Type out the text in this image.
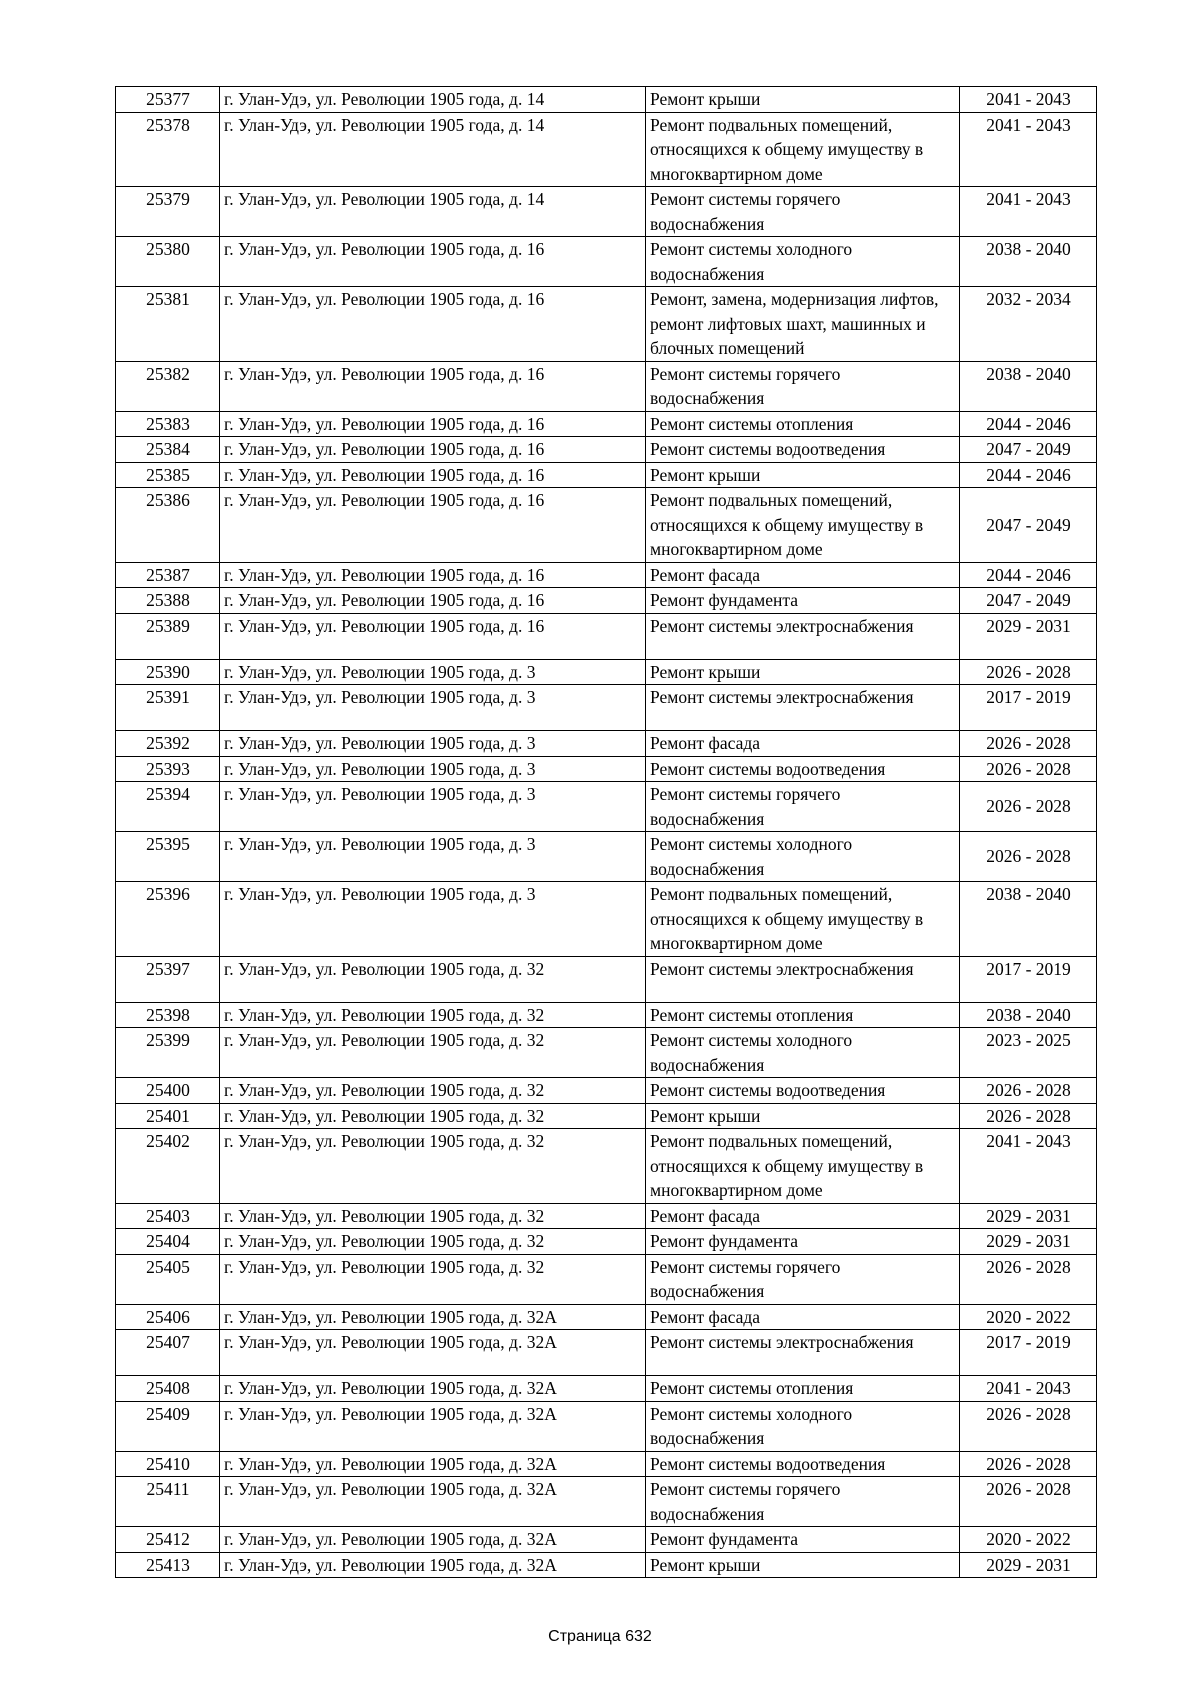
25377	г. Улан-Удэ, ул. Революции 1905 года, д. 14	Ремонт крыши	2041 - 2043
25378	г. Улан-Удэ, ул. Революции 1905 года, д. 14	Ремонт подвальных помещений, относящихся к общему имуществу в многоквартирном доме	2041 - 2043
25379	г. Улан-Удэ, ул. Революции 1905 года, д. 14	Ремонт системы горячего водоснабжения	2041 - 2043
25380	г. Улан-Удэ, ул. Революции 1905 года, д. 16	Ремонт системы холодного водоснабжения	2038 - 2040
25381	г. Улан-Удэ, ул. Революции 1905 года, д. 16	Ремонт, замена, модернизация лифтов, ремонт лифтовых шахт, машинных и блочных помещений	2032 - 2034
25382	г. Улан-Удэ, ул. Революции 1905 года, д. 16	Ремонт системы горячего водоснабжения	2038 - 2040
25383	г. Улан-Удэ, ул. Революции 1905 года, д. 16	Ремонт системы отопления	2044 - 2046
25384	г. Улан-Удэ, ул. Революции 1905 года, д. 16	Ремонт системы водоотведения	2047 - 2049
25385	г. Улан-Удэ, ул. Революции 1905 года, д. 16	Ремонт крыши	2044 - 2046
25386	г. Улан-Удэ, ул. Революции 1905 года, д. 16	Ремонт подвальных помещений, относящихся к общему имуществу в многоквартирном доме	2047 - 2049
25387	г. Улан-Удэ, ул. Революции 1905 года, д. 16	Ремонт фасада	2044 - 2046
25388	г. Улан-Удэ, ул. Революции 1905 года, д. 16	Ремонт фундамента	2047 - 2049
25389	г. Улан-Удэ, ул. Революции 1905 года, д. 16	Ремонт системы электроснабжения	2029 - 2031
25390	г. Улан-Удэ, ул. Революции 1905 года, д. 3	Ремонт крыши	2026 - 2028
25391	г. Улан-Удэ, ул. Революции 1905 года, д. 3	Ремонт системы электроснабжения	2017 - 2019
25392	г. Улан-Удэ, ул. Революции 1905 года, д. 3	Ремонт фасада	2026 - 2028
25393	г. Улан-Удэ, ул. Революции 1905 года, д. 3	Ремонт системы водоотведения	2026 - 2028
25394	г. Улан-Удэ, ул. Революции 1905 года, д. 3	Ремонт системы горячего водоснабжения	2026 - 2028
25395	г. Улан-Удэ, ул. Революции 1905 года, д. 3	Ремонт системы холодного водоснабжения	2026 - 2028
25396	г. Улан-Удэ, ул. Революции 1905 года, д. 3	Ремонт подвальных помещений, относящихся к общему имуществу в многоквартирном доме	2038 - 2040
25397	г. Улан-Удэ, ул. Революции 1905 года, д. 32	Ремонт системы электроснабжения	2017 - 2019
25398	г. Улан-Удэ, ул. Революции 1905 года, д. 32	Ремонт системы отопления	2038 - 2040
25399	г. Улан-Удэ, ул. Революции 1905 года, д. 32	Ремонт системы холодного водоснабжения	2023 - 2025
25400	г. Улан-Удэ, ул. Революции 1905 года, д. 32	Ремонт системы водоотведения	2026 - 2028
25401	г. Улан-Удэ, ул. Революции 1905 года, д. 32	Ремонт крыши	2026 - 2028
25402	г. Улан-Удэ, ул. Революции 1905 года, д. 32	Ремонт подвальных помещений, относящихся к общему имуществу в многоквартирном доме	2041 - 2043
25403	г. Улан-Удэ, ул. Революции 1905 года, д. 32	Ремонт фасада	2029 - 2031
25404	г. Улан-Удэ, ул. Революции 1905 года, д. 32	Ремонт фундамента	2029 - 2031
25405	г. Улан-Удэ, ул. Революции 1905 года, д. 32	Ремонт системы горячего водоснабжения	2026 - 2028
25406	г. Улан-Удэ, ул. Революции 1905 года, д. 32А	Ремонт фасада	2020 - 2022
25407	г. Улан-Удэ, ул. Революции 1905 года, д. 32А	Ремонт системы электроснабжения	2017 - 2019
25408	г. Улан-Удэ, ул. Революции 1905 года, д. 32А	Ремонт системы отопления	2041 - 2043
25409	г. Улан-Удэ, ул. Революции 1905 года, д. 32А	Ремонт системы холодного водоснабжения	2026 - 2028
25410	г. Улан-Удэ, ул. Революции 1905 года, д. 32А	Ремонт системы водоотведения	2026 - 2028
25411	г. Улан-Удэ, ул. Революции 1905 года, д. 32А	Ремонт системы горячего водоснабжения	2026 - 2028
25412	г. Улан-Удэ, ул. Революции 1905 года, д. 32А	Ремонт фундамента	2020 - 2022
25413	г. Улан-Удэ, ул. Революции 1905 года, д. 32А	Ремонт крыши	2029 - 2031
Страница 632
